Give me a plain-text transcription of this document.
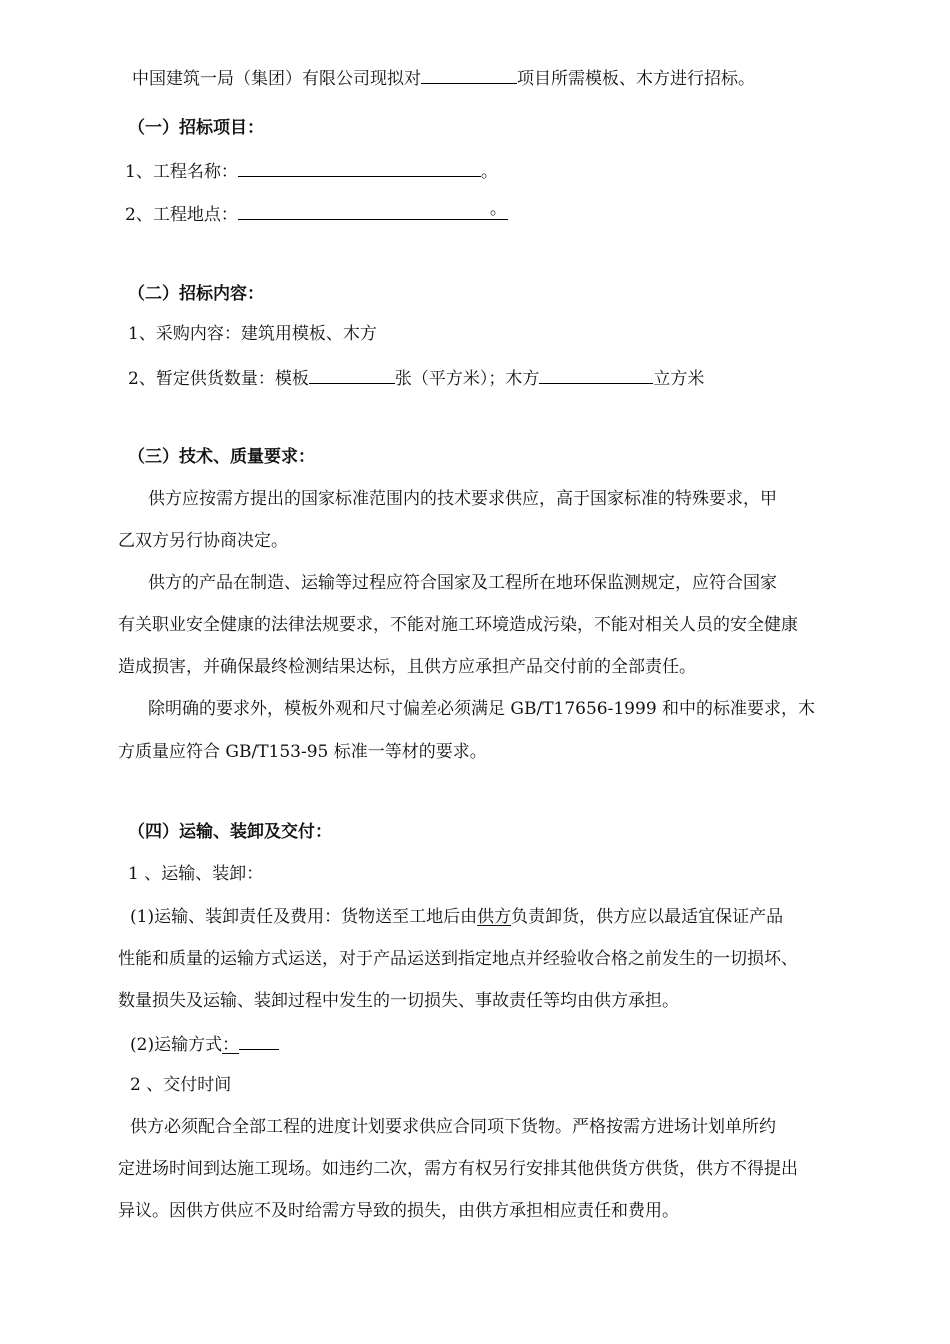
中国建筑一局（集团）有限公司现拟对	项目所需模板、木方进行招标。
（一）招标项目：
1、工程名称：	。
2、工程地点：	。
（二）招标内容：
1、采购内容：建筑用模板、木方
2、暂定供货数量：模板	张（平方米）；木方	立方米
（三）技术、质量要求：
供方应按需方提出的国家标准范围内的技术要求供应，高于国家标准的特殊要求，甲
乙双方另行协商决定。
供方的产品在制造、运输等过程应符合国家及工程所在地环保监测规定，应符合国家
有关职业安全健康的法律法规要求，不能对施工环境造成污染，不能对相关人员的安全健康
造成损害，并确保最终检测结果达标，且供方应承担产品交付前的全部责任。
除明确的要求外，模板外观和尺寸偏差必须满足 GB/T17656-1999 和中的标准要求，木
方质量应符合 GB/T153-95 标准一等材的要求。
（四）运输、装卸及交付：
1 、运输、装卸：
(1)运输、装卸责任及费用：货物送至工地后由供方负责卸货，供方应以最适宜保证产品
性能和质量的运输方式运送，对于产品运送到指定地点并经验收合格之前发生的一切损坏、
数量损失及运输、装卸过程中发生的一切损失、事故责任等均由供方承担。
(2)运输方式：
2 、交付时间
供方必须配合全部工程的进度计划要求供应合同项下货物。严格按需方进场计划单所约
定进场时间到达施工现场。如违约二次，需方有权另行安排其他供货方供货，供方不得提出
异议。因供方供应不及时给需方导致的损失，由供方承担相应责任和费用。
